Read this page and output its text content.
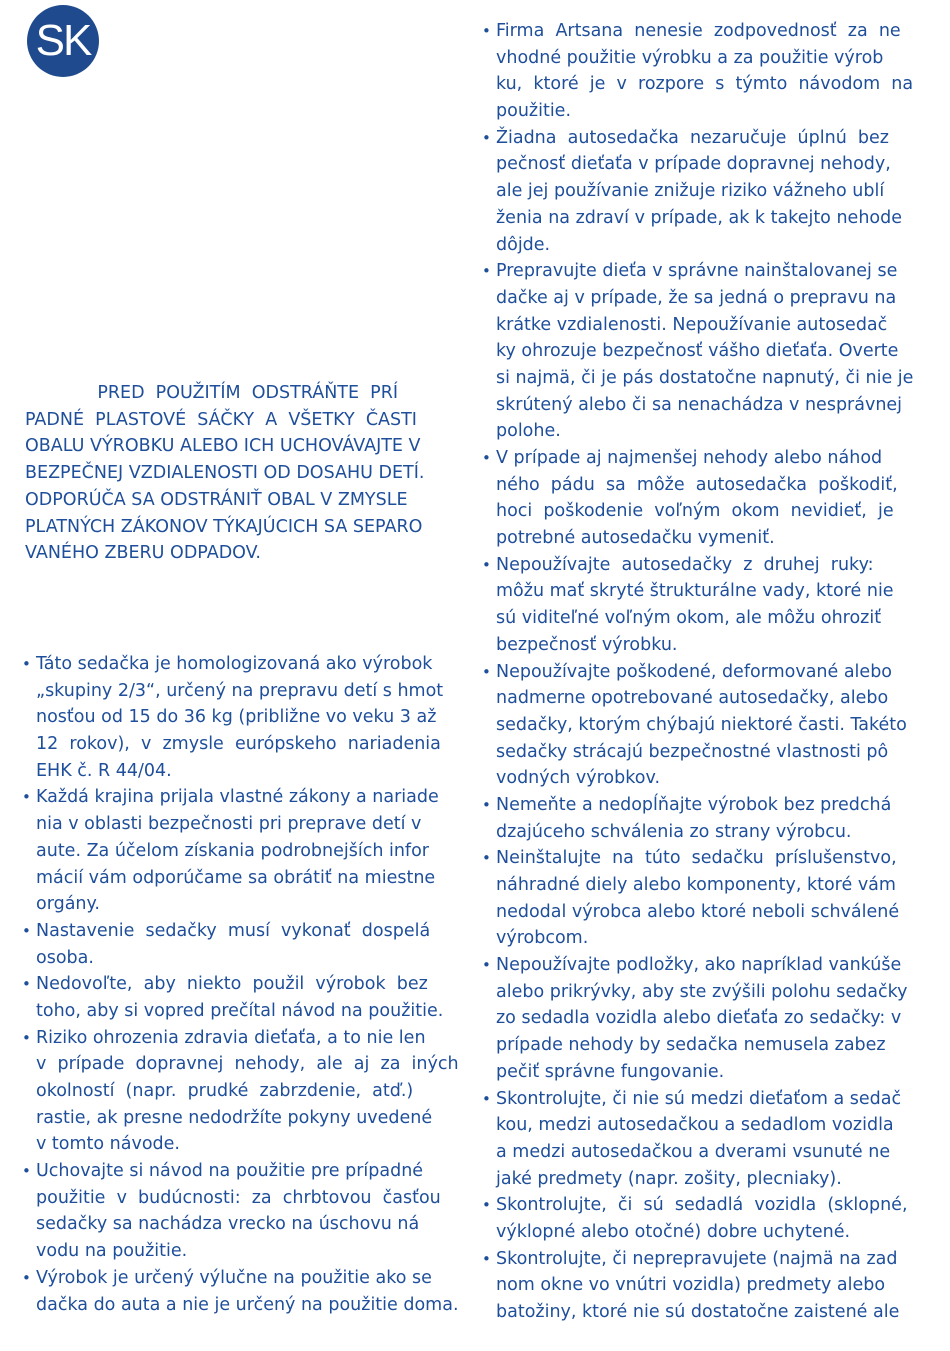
SK

PRED  POUŽITÍM  ODSTRÁŇTE  PRÍ
PADNÉ  PLASTOVÉ  SÁČKY  A  VŠETKY  ČASTI
OBALU VÝROBKU ALEBO ICH UCHOVÁVAJTE V
BEZPEČNEJ VZDIALENOSTI OD DOSAHU DETÍ.
ODPORÚČA SA ODSTRÁNIŤ OBAL V ZMYSLE
PLATNÝCH ZÁKONOV TÝKAJÚCICH SA SEPARO
VANÉHO ZBERU ODPADOV.

• Táto sedačka je homologizovaná ako výrobok
„skupiny 2/3“, určený na prepravu detí s hmot
nosťou od 15 do 36 kg (približne vo veku 3 až
12  rokov),  v  zmysle  európskeho  nariadenia
EHK č. R 44/04.
• Každá krajina prijala vlastné zákony a nariade
nia v oblasti bezpečnosti pri preprave detí v
aute. Za účelom získania podrobnejších infor
mácií vám odporúčame sa obrátiť na miestne
orgány.
• Nastavenie  sedačky  musí  vykonať  dospelá
osoba.
• Nedovoľte,  aby  niekto  použil  výrobok  bez
toho, aby si vopred prečítal návod na použitie.
• Riziko ohrozenia zdravia dieťaťa, a to nie len
v  prípade  dopravnej  nehody,  ale  aj  za  iných
okolností  (napr.  prudké  zabrzdenie,  atď.)
rastie, ak presne nedodržíte pokyny uvedené
v tomto návode.
• Uchovajte si návod na použitie pre prípadné
použitie  v  budúcnosti:  za  chrbtovou  časťou
sedačky sa nachádza vrecko na úschovu ná
vodu na použitie.
• Výrobok je určený výlučne na použitie ako se
dačka do auta a nie je určený na použitie doma.
• Firma  Artsana  nenesie  zodpovednosť  za  ne
vhodné použitie výrobku a za použitie výrob
ku,  ktoré  je  v  rozpore  s  týmto  návodom  na
použitie.
• Žiadna  autosedačka  nezaručuje  úplnú  bez
pečnosť dieťaťa v prípade dopravnej nehody,
ale jej používanie znižuje riziko vážneho ublí
ženia na zdraví v prípade, ak k takejto nehode
dôjde.
• Prepravujte dieťa v správne nainštalovanej se
dačke aj v prípade, že sa jedná o prepravu na
krátke vzdialenosti. Nepoužívanie autosedač
ky ohrozuje bezpečnosť vášho dieťaťa. Overte
si najmä, či je pás dostatočne napnutý, či nie je
skrútený alebo či sa nenachádza v nesprávnej
polohe.
• V prípade aj najmenšej nehody alebo náhod
ného  pádu  sa  môže  autosedačka  poškodiť,
hoci  poškodenie  voľným  okom  nevidieť,  je
potrebné autosedačku vymeniť.
• Nepoužívajte  autosedačky  z  druhej  ruky:
môžu mať skryté štrukturálne vady, ktoré nie
sú viditeľné voľným okom, ale môžu ohroziť
bezpečnosť výrobku.
• Nepoužívajte poškodené, deformované alebo
nadmerne opotrebované autosedačky, alebo
sedačky, ktorým chýbajú niektoré časti. Takéto
sedačky strácajú bezpečnostné vlastnosti pô
vodných výrobkov.
• Nemeňte a nedopĺňajte výrobok bez predchá
dzajúceho schválenia zo strany výrobcu.
• Neinštalujte  na  túto  sedačku  príslušenstvo,
náhradné diely alebo komponenty, ktoré vám
nedodal výrobca alebo ktoré neboli schválené
výrobcom.
• Nepoužívajte podložky, ako napríklad vankúše
alebo prikrývky, aby ste zvýšili polohu sedačky
zo sedadla vozidla alebo dieťaťa zo sedačky: v
prípade nehody by sedačka nemusela zabez
pečiť správne fungovanie.
• Skontrolujte, či nie sú medzi dieťaťom a sedač
kou, medzi autosedačkou a sedadlom vozidla
a medzi autosedačkou a dverami vsunuté ne
jaké predmety (napr. zošity, plecniaky).
• Skontrolujte,  či  sú  sedadlá  vozidla  (sklopné,
výklopné alebo otočné) dobre uchytené.
• Skontrolujte, či neprepravujete (najmä na zad
nom okne vo vnútri vozidla) predmety alebo
batožiny, ktoré nie sú dostatočne zaistené ale
